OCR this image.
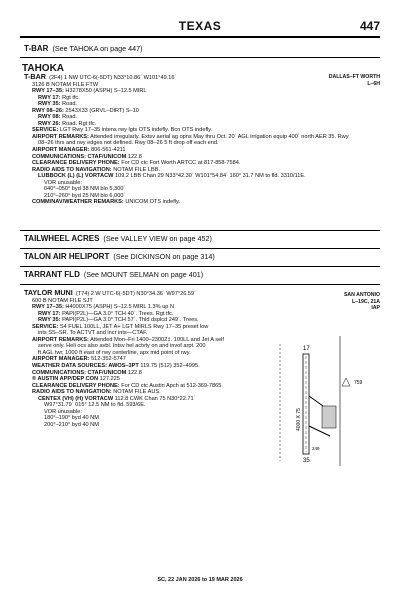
TEXAS	447
T-BAR (See TAHOKA on page 447)
TAHOKA
DALLAS–FT WORTH
L–6H
T-BAR (2F4) 1 NW UTC-6(-5DT) N33°10.86´ W101°49.16´
3126 B NOTAM FILE FTW
RWY 17–35: H3278X50 (ASPH) S–12.5 MIRL
RWY 17: Rgt tfc.
RWY 35: Road.
RWY 08–26: 2543X33 (GRVL–DIRT) S–10
RWY 08: Road.
RWY 26: Road. Rgt tfc.
SERVICE: LGT Rwy 17–35 intens rwy lgts OTS indefly. Bcn OTS indefly.
AIRPORT REMARKS: Attended irregularly. Extsv aerial ag opns May thru Oct. 20´ AGL irrigation equip 400´ north AER 35. Rwy
08–26 thrs and rwy edges not defined. Rwy 08–26 5 ft drop off each end.
AIRPORT MANAGER: 806-561-4211
COMMUNICATIONS: CTAF/UNICOM 122.8
CLEARANCE DELIVERY PHONE: For CD ctc Fort Worth ARTCC at 817-858-7584.
RADIO AIDS TO NAVIGATION: NOTAM FILE LBB.
LUBBOCK (L) (L) VORTACW 109.2 LBB Chan 29 N33°42.30´ W101°54.84´ 160° 31.7 NM to fld. 3310/11E.
VOR unusable:
040°–050° byd 38 NM blo 5,300´
210°–260° byd 25 NM blo 6,000´
COMM/NAV/WEATHER REMARKS: UNICOM OTS indefly.
TAILWHEEL ACRES (See VALLEY VIEW on page 452)
TALON AIR HELIPORT (See DICKINSON on page 314)
TARRANT FLD (See MOUNT SELMAN on page 401)
SAN ANTONIO
L–19C, 21A
IAP
TAYLOR MUNI (T74) 2 W UTC-6(-5DT) N30°34.36´ W97°26.59´
600 B NOTAM FILE SJT
RWY 17–35: H4000X75 (ASPH) S–12.5 MIRL 1.3% up N
RWY 17: PAPI(P2L)—GA 3.0° TCH 40´. Trees. Rgt tfc.
RWY 35: PAPI(P2L)—GA 3.0° TCH 57´. Thld dsplcd 249´. Trees.
SERVICE: S4 FUEL 100LL, JET A+ LGT MIRLS Rwy 17–35 preset low
ints SS–SR. To ACTVT and incr ints—CTAF.
AIRPORT REMARKS: Attended Mon–Fri 1400–2300Z‡. 100LL and Jet A self
serve only. Heli ocs also avbl. Intsv hel actvty on and invof arpt. 200
ft AGL twr, 1000 ft east of rwy centerline, apx mid point of rwy.
AIRPORT MANAGER: 512-352-5747
WEATHER DATA SOURCES: AWOS–3PT 119.75 (512) 352–4995.
COMMUNICATIONS: CTAF/UNICOM 122.8
® AUSTIN APP/DEP CON 127.225
CLEARANCE DELIVERY PHONE: For CD ctc Austin Apch at 512-369-7865.
RADIO AIDS TO NAVIGATION: NOTAM FILE AUS.
CENTEX (VH) (H) VORTACW 112.8 CWK Chan 75 N30°22.71´
W97°31.79´ 015° 12.5 NM to fld. 593/6E.
VOR unusable:
180°–190° byd 40 NM
200°–210° byd 40 NM
759
17
35
4000 X 75
249
SC, 22 JAN 2026 to 19 MAR 2026
